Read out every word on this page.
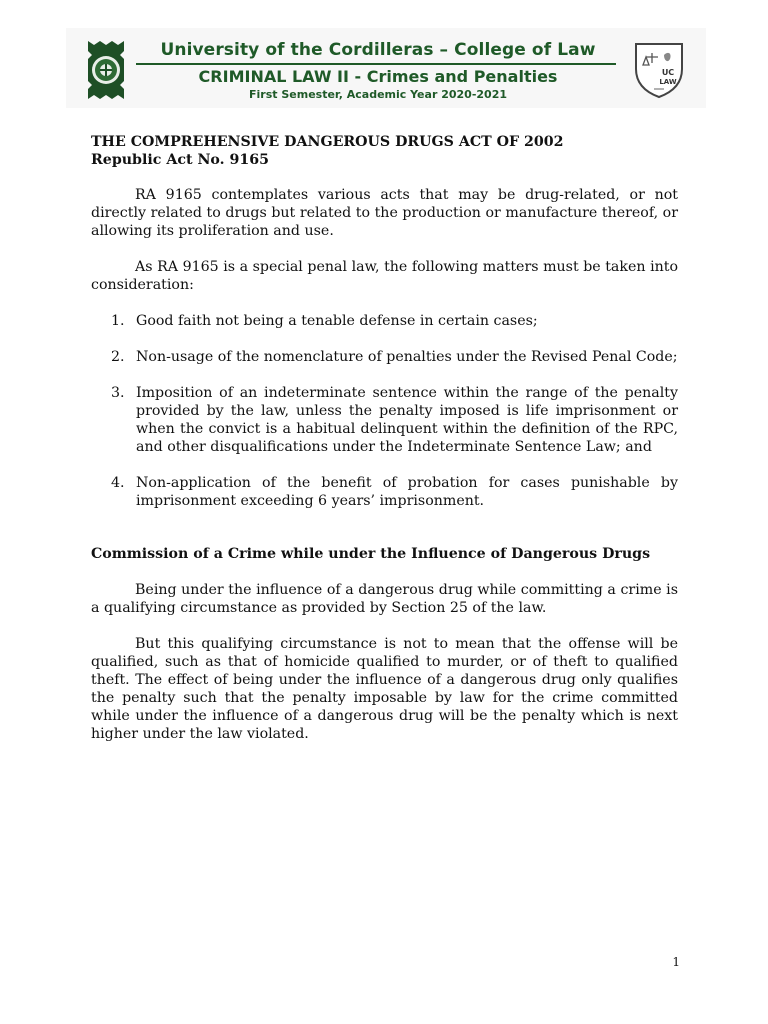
University of the Cordilleras – College of Law
CRIMINAL LAW II - Crimes and Penalties
First Semester, Academic Year 2020-2021
UC
LAW

THE COMPREHENSIVE DANGEROUS DRUGS ACT OF 2002

Republic Act No. 9165

RA 9165 contemplates various acts that may be drug-related, or not directly related to drugs but related to the production or manufacture thereof, or allowing its proliferation and use.

As RA 9165 is a special penal law, the following matters must be taken into consideration:

1. Good faith not being a tenable defense in certain cases;
2. Non-usage of the nomenclature of penalties under the Revised Penal Code;
3. Imposition of an indeterminate sentence within the range of the penalty provided by the law, unless the penalty imposed is life imprisonment or when the convict is a habitual delinquent within the definition of the RPC, and other disqualifications under the Indeterminate Sentence Law; and
4. Non-application of the benefit of probation for cases punishable by imprisonment exceeding 6 years’ imprisonment.

Commission of a Crime while under the Influence of Dangerous Drugs

Being under the influence of a dangerous drug while committing a crime is a qualifying circumstance as provided by Section 25 of the law.

But this qualifying circumstance is not to mean that the offense will be qualified, such as that of homicide qualified to murder, or of theft to qualified theft. The effect of being under the influence of a dangerous drug only qualifies the penalty such that the penalty imposable by law for the crime committed while under the influence of a dangerous drug will be the penalty which is next higher under the law violated.

1
